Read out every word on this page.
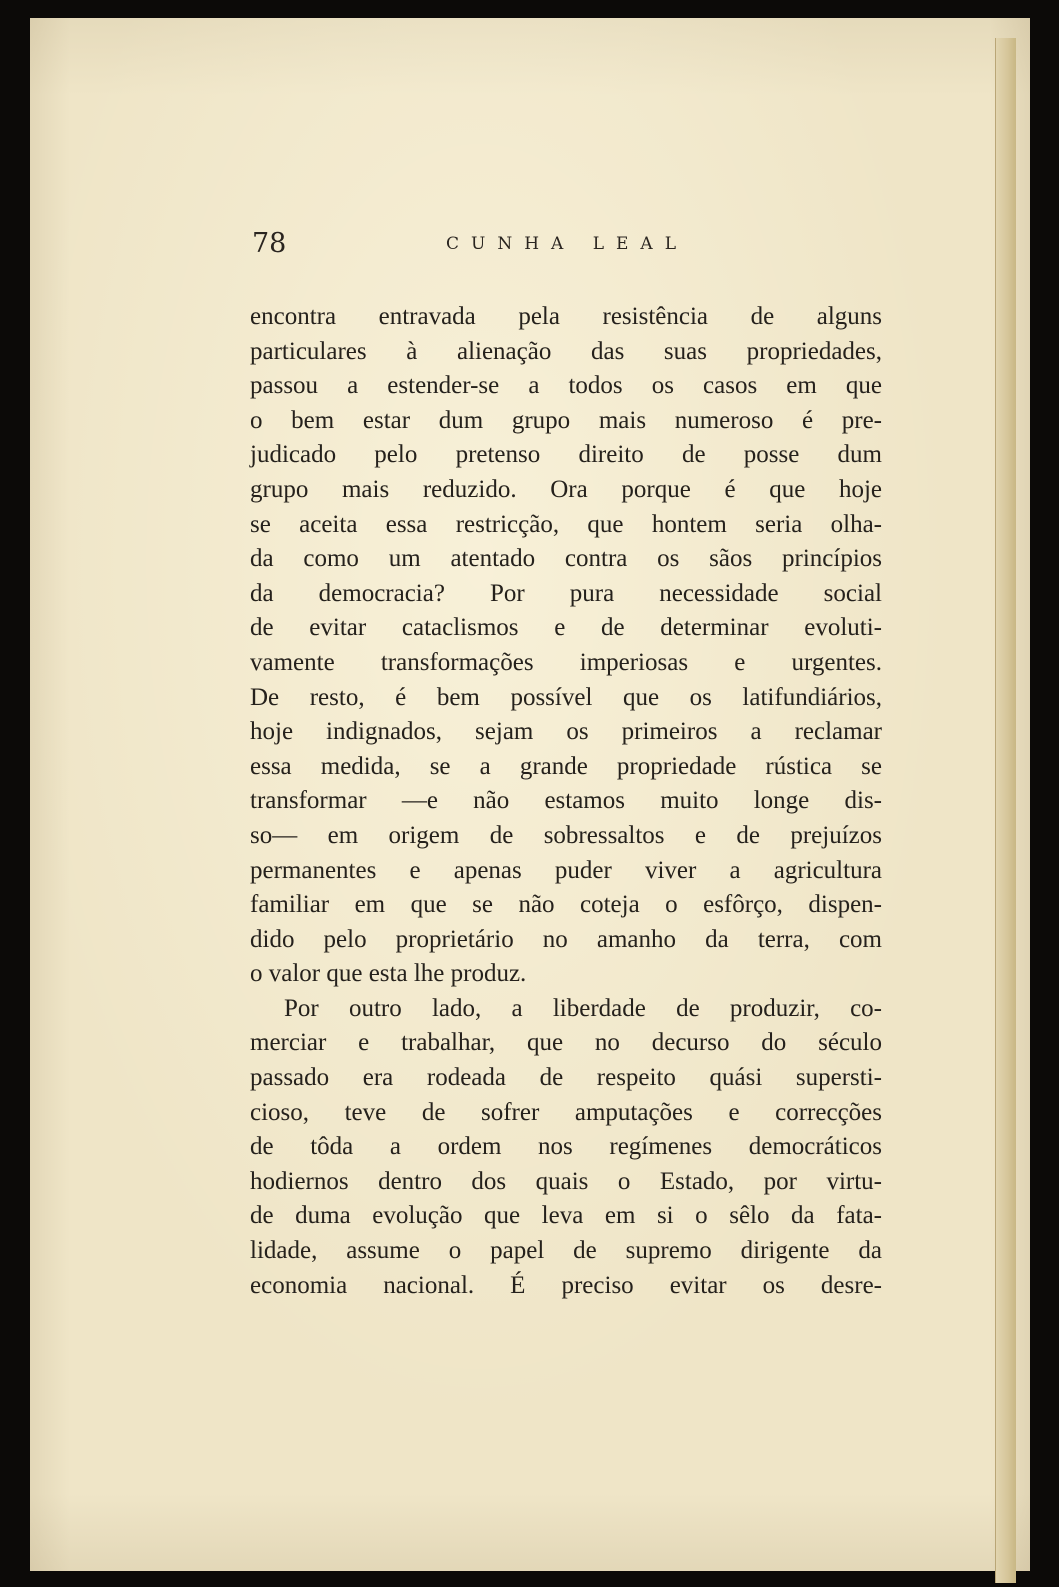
78	CUNHA LEAL
encontra entravada pela resistência de alguns
particulares à alienação das suas propriedades,
passou a estender-se a todos os casos em que
o bem estar dum grupo mais numeroso é pre-
judicado pelo pretenso direito de posse dum
grupo mais reduzido. Ora porque é que hoje
se aceita essa restricção, que hontem seria olha-
da como um atentado contra os sãos princípios
da democracia? Por pura necessidade social
de evitar cataclismos e de determinar evoluti-
vamente transformações imperiosas e urgentes.
De resto, é bem possível que os latifundiários,
hoje indignados, sejam os primeiros a reclamar
essa medida, se a grande propriedade rústica se
transformar —e não estamos muito longe dis-
so— em origem de sobressaltos e de prejuízos
permanentes e apenas puder viver a agricultura
familiar em que se não coteja o esfôrço, dispen-
dido pelo proprietário no amanho da terra, com
o valor que esta lhe produz.
Por outro lado, a liberdade de produzir, co-
merciar e trabalhar, que no decurso do século
passado era rodeada de respeito quási supersti-
cioso, teve de sofrer amputações e correcções
de tôda a ordem nos regímenes democráticos
hodiernos dentro dos quais o Estado, por virtu-
de duma evolução que leva em si o sêlo da fata-
lidade, assume o papel de supremo dirigente da
economia nacional. É preciso evitar os desre-
